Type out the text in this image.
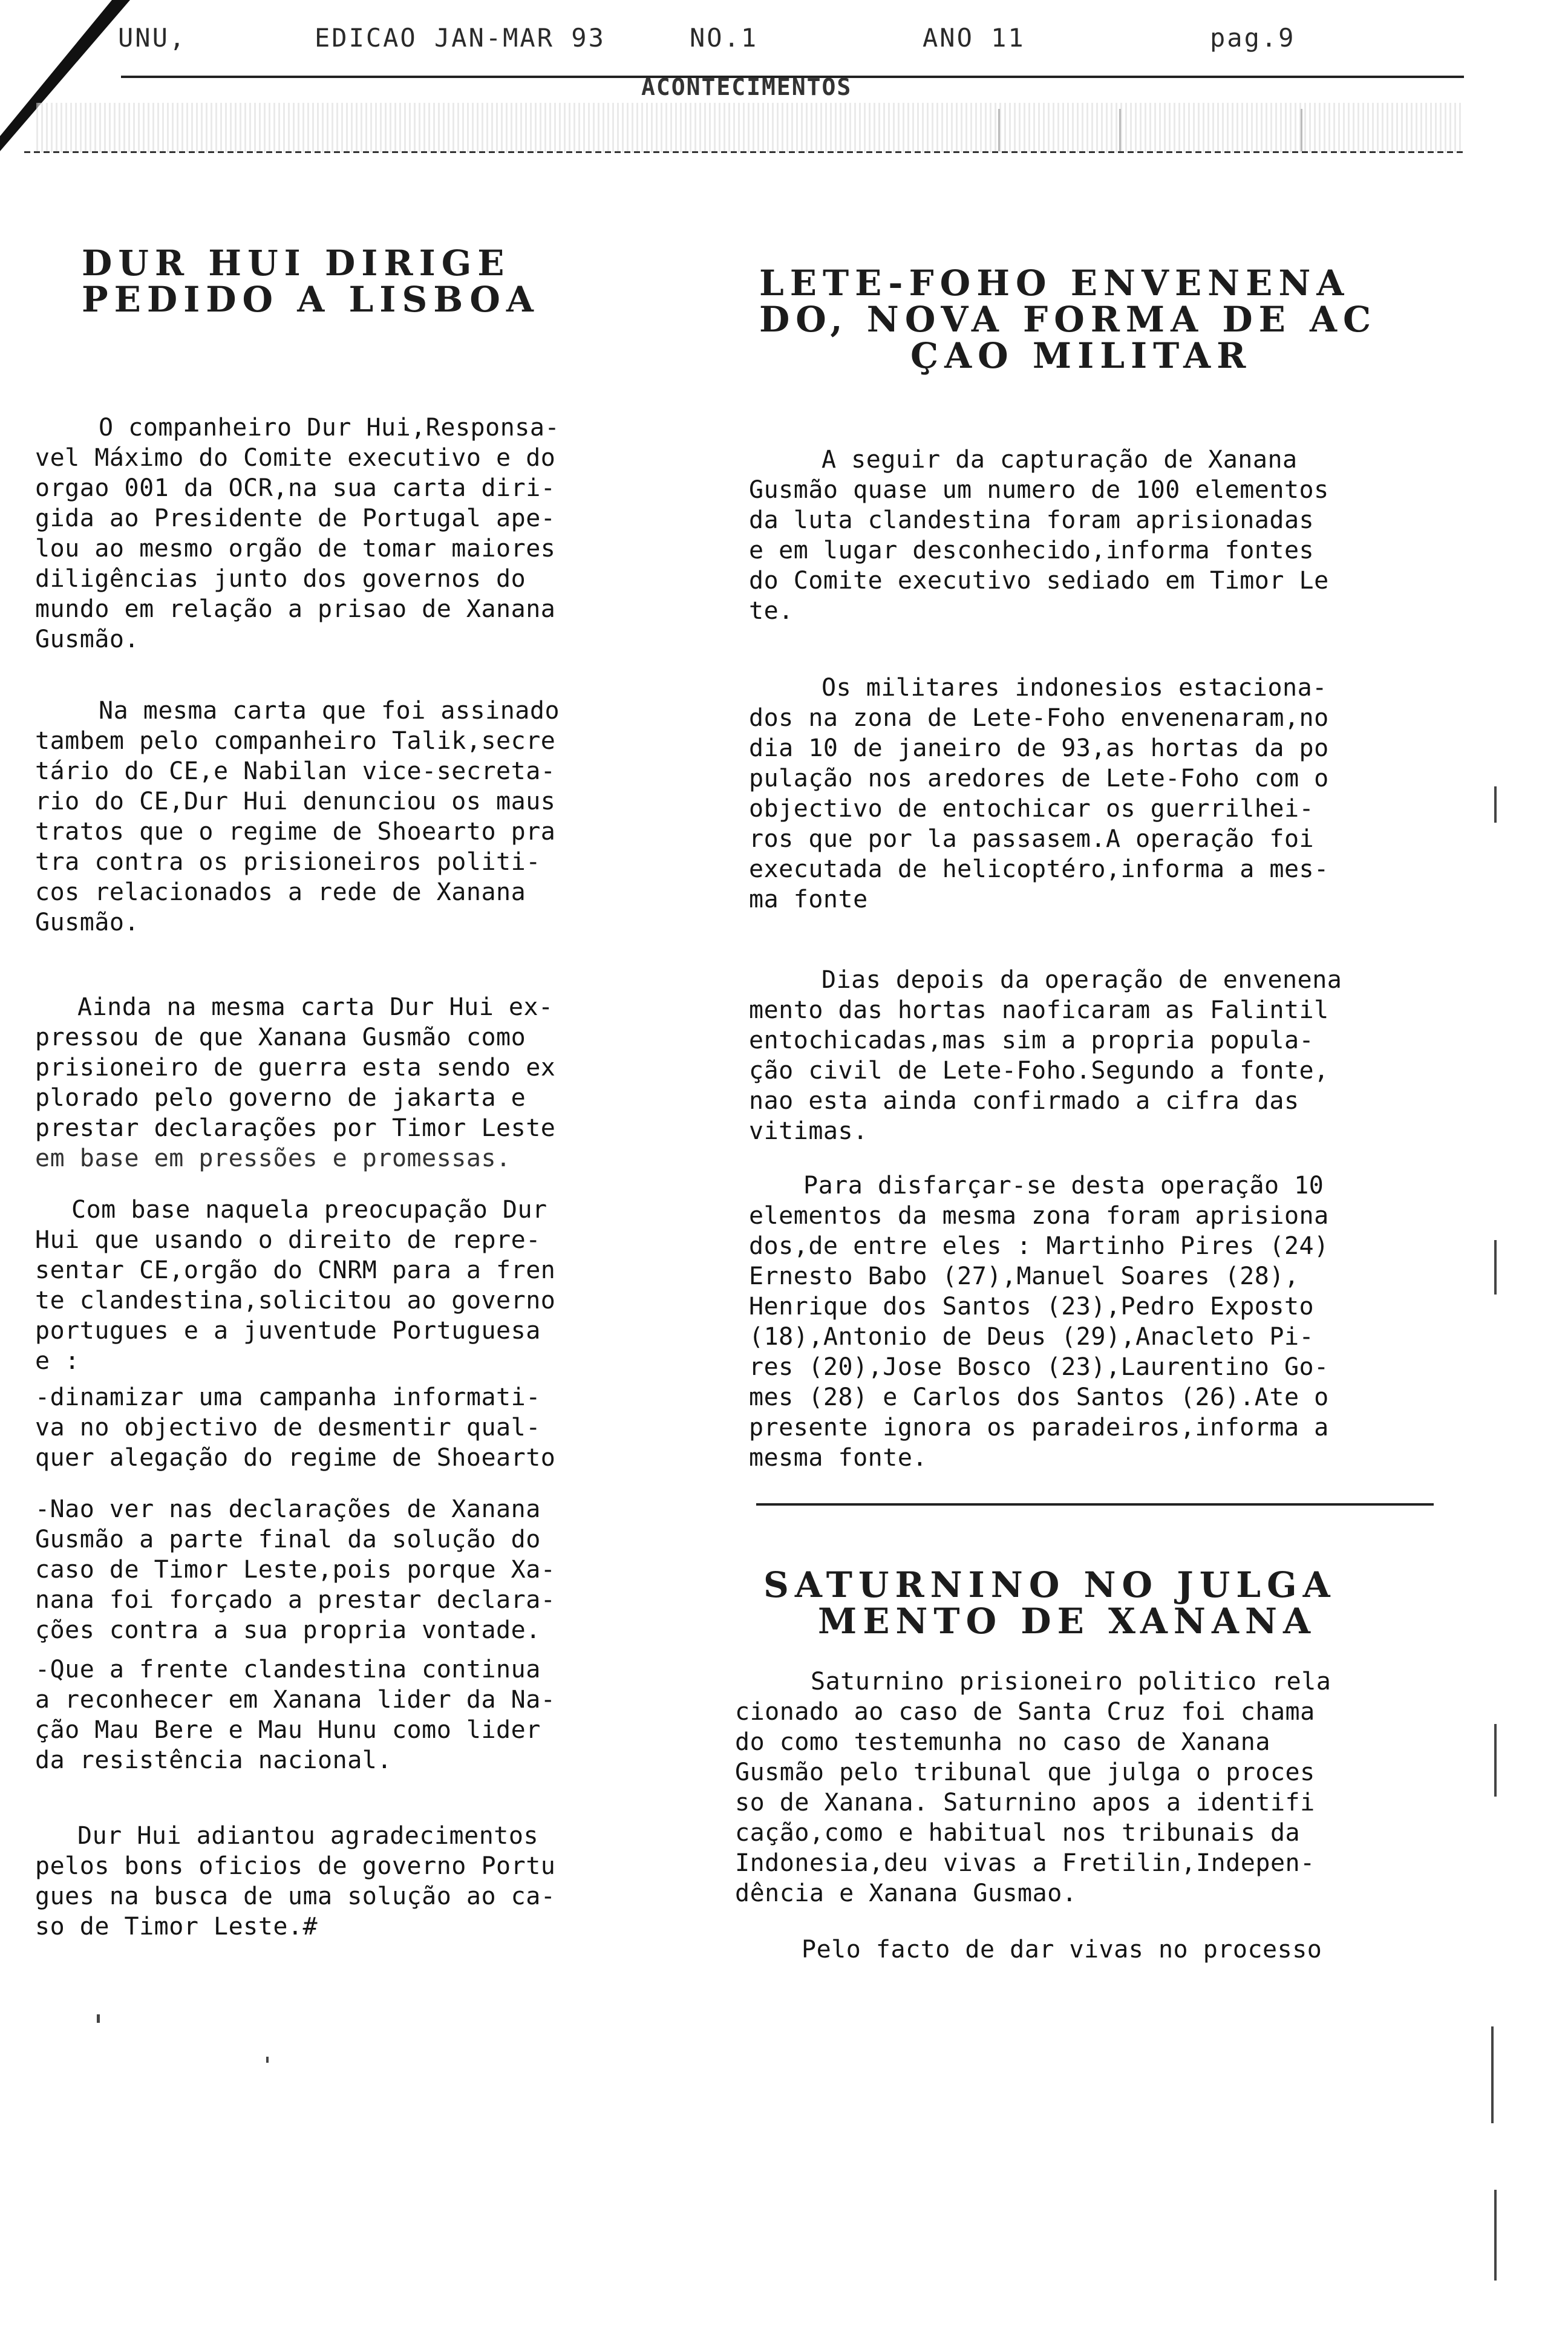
UNU,	EDICAO JAN-MAR 93	NO.1	ANO 11	pag.9
ACONTECIMENTOS
DUR HUI DIRIGE
PEDIDO A LISBOA

O companheiro Dur Hui,Responsa-
vel Máximo do Comite executivo e do
orgao 001 da OCR,na sua carta diri-
gida ao Presidente de Portugal ape-
lou ao mesmo orgão de tomar maiores
diligências junto dos governos do
mundo em relação a prisao de Xanana
Gusmão.

Na mesma carta que foi assinado
tambem pelo companheiro Talik,secre
tário do CE,e Nabilan vice-secreta-
rio do CE,Dur Hui denunciou os maus
tratos que o regime de Shoearto pra
tra contra os prisioneiros politi-
cos relacionados a rede de Xanana
Gusmão.

Ainda na mesma carta Dur Hui ex-
pressou de que Xanana Gusmão como
prisioneiro de guerra esta sendo ex
plorado pelo governo de jakarta e
prestar declarações por Timor Leste
em base em pressões e promessas.

Com base naquela preocupação Dur
Hui que usando o direito de repre-
sentar CE,orgão do CNRM para a fren
te clandestina,solicitou ao governo
portugues e a juventude Portuguesa
e :

-dinamizar uma campanha informati-
va no objectivo de desmentir qual-
quer alegação do regime de Shoearto

-Nao ver nas declarações de Xanana
Gusmão a parte final da solução do
caso de Timor Leste,pois porque Xa-
nana foi forçado a prestar declara-
ções contra a sua propria vontade.

-Que a frente clandestina continua
a reconhecer em Xanana lider da Na-
ção Mau Bere e Mau Hunu como lider
da resistência nacional.

Dur Hui adiantou agradecimentos
pelos bons oficios de governo Portu
gues na busca de uma solução ao ca-
so de Timor Leste.#

LETE-FOHO ENVENENA
DO, NOVA FORMA DE AC
ÇAO MILITAR

A seguir da capturação de Xanana
Gusmão quase um numero de 100 elementos
da luta clandestina foram aprisionadas
e em lugar desconhecido,informa fontes
do Comite executivo sediado em Timor Le
te.

Os militares indonesios estaciona-
dos na zona de Lete-Foho envenenaram,no
dia 10 de janeiro de 93,as hortas da po
pulação nos aredores de Lete-Foho com o
objectivo de entochicar os guerrilhei-
ros que por la passasem.A operação foi
executada de helicoptéro,informa a mes-
ma fonte

Dias depois da operação de envenena
mento das hortas naoficaram as Falintil
entochicadas,mas sim a propria popula-
ção civil de Lete-Foho.Segundo a fonte,
nao esta ainda confirmado a cifra das
vitimas.

Para disfarçar-se desta operação 10
elementos da mesma zona foram aprisiona
dos,de entre eles : Martinho Pires (24)
Ernesto Babo (27),Manuel Soares (28),
Henrique dos Santos (23),Pedro Exposto
(18),Antonio de Deus (29),Anacleto Pi-
res (20),Jose Bosco (23),Laurentino Go-
mes (28) e Carlos dos Santos (26).Ate o
presente ignora os paradeiros,informa a
mesma fonte.

SATURNINO NO JULGA
MENTO DE XANANA

Saturnino prisioneiro politico rela
cionado ao caso de Santa Cruz foi chama
do como testemunha no caso de Xanana
Gusmão pelo tribunal que julga o proces
so de Xanana. Saturnino apos a identifi
cação,como e habitual nos tribunais da
Indonesia,deu vivas a Fretilin,Indepen-
dência e Xanana Gusmao.

Pelo facto de dar vivas no processo
